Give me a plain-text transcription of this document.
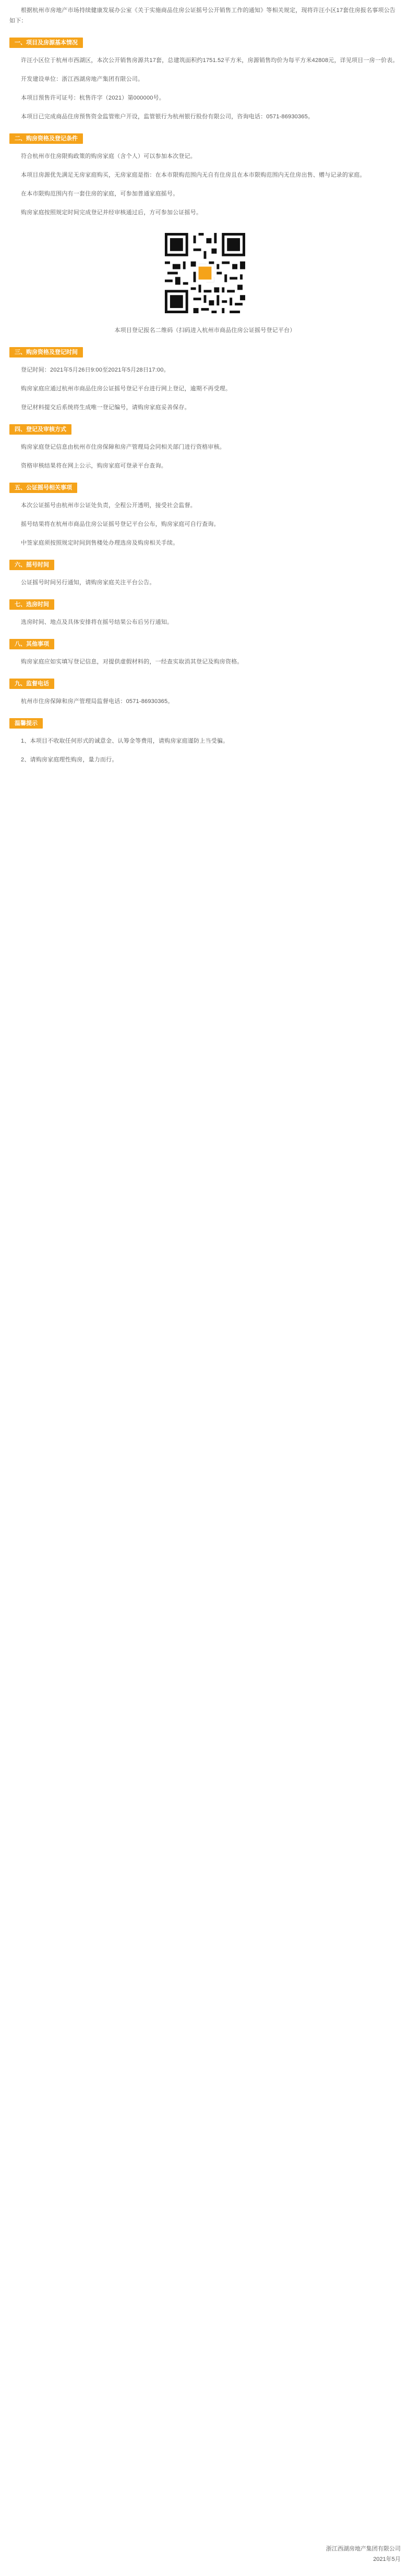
根据杭州市房地产市场持续健康发展办公室《关于实施商品住房公证摇号公开销售工作的通知》等相关规定，现将许汪小区17套住房报名事项公告如下：

一、项目及房源基本情况

许汪小区位于杭州市西湖区，本次公开销售房源共17套，总建筑面积约1751.52平方米，房源销售均价为每平方米42808元，详见项目一房一价表。

开发建设单位：浙江西湖房地产集团有限公司。

本项目预售许可证号：杭售许字（2021）第000000号。

本项目已完成商品住房预售资金监管账户开设，监管银行为杭州银行股份有限公司，咨询电话：0571-86930365。

二、购房资格及登记条件

符合杭州市住房限购政策的购房家庭（含个人）可以参加本次登记。

本项目房源优先满足无房家庭购买，无房家庭是指：在本市限购范围内无自有住房且在本市限购范围内无住房出售、赠与记录的家庭。

在本市限购范围内有一套住房的家庭，可参加普通家庭摇号。

购房家庭按照规定时间完成登记并经审核通过后，方可参加公证摇号。

本项目登记报名二维码（扫码进入杭州市商品住房公证摇号登记平台）

三、购房资格及登记时间

登记时间：2021年5月26日9:00至2021年5月28日17:00。

购房家庭应通过杭州市商品住房公证摇号登记平台进行网上登记，逾期不再受理。

登记材料提交后系统将生成唯一登记编号，请购房家庭妥善保存。

四、登记及审核方式

购房家庭登记信息由杭州市住房保障和房产管理局会同相关部门进行资格审核。

资格审核结果将在网上公示，购房家庭可登录平台查询。

五、公证摇号相关事项

本次公证摇号由杭州市公证处负责，全程公开透明，接受社会监督。

摇号结果将在杭州市商品住房公证摇号登记平台公布，购房家庭可自行查询。

中签家庭须按照规定时间到售楼处办理选房及购房相关手续。

六、摇号时间

公证摇号时间另行通知，请购房家庭关注平台公告。

七、选房时间

选房时间、地点及具体安排将在摇号结果公布后另行通知。

八、其他事项

购房家庭应如实填写登记信息，对提供虚假材料的，一经查实取消其登记及购房资格。

九、监督电话

杭州市住房保障和房产管理局监督电话：0571-86930365。

温馨提示

1、本项目不收取任何形式的诚意金、认筹金等费用，请购房家庭谨防上当受骗。

2、请购房家庭理性购房，量力而行。

浙江西湖房地产集团有限公司
2021年5月
